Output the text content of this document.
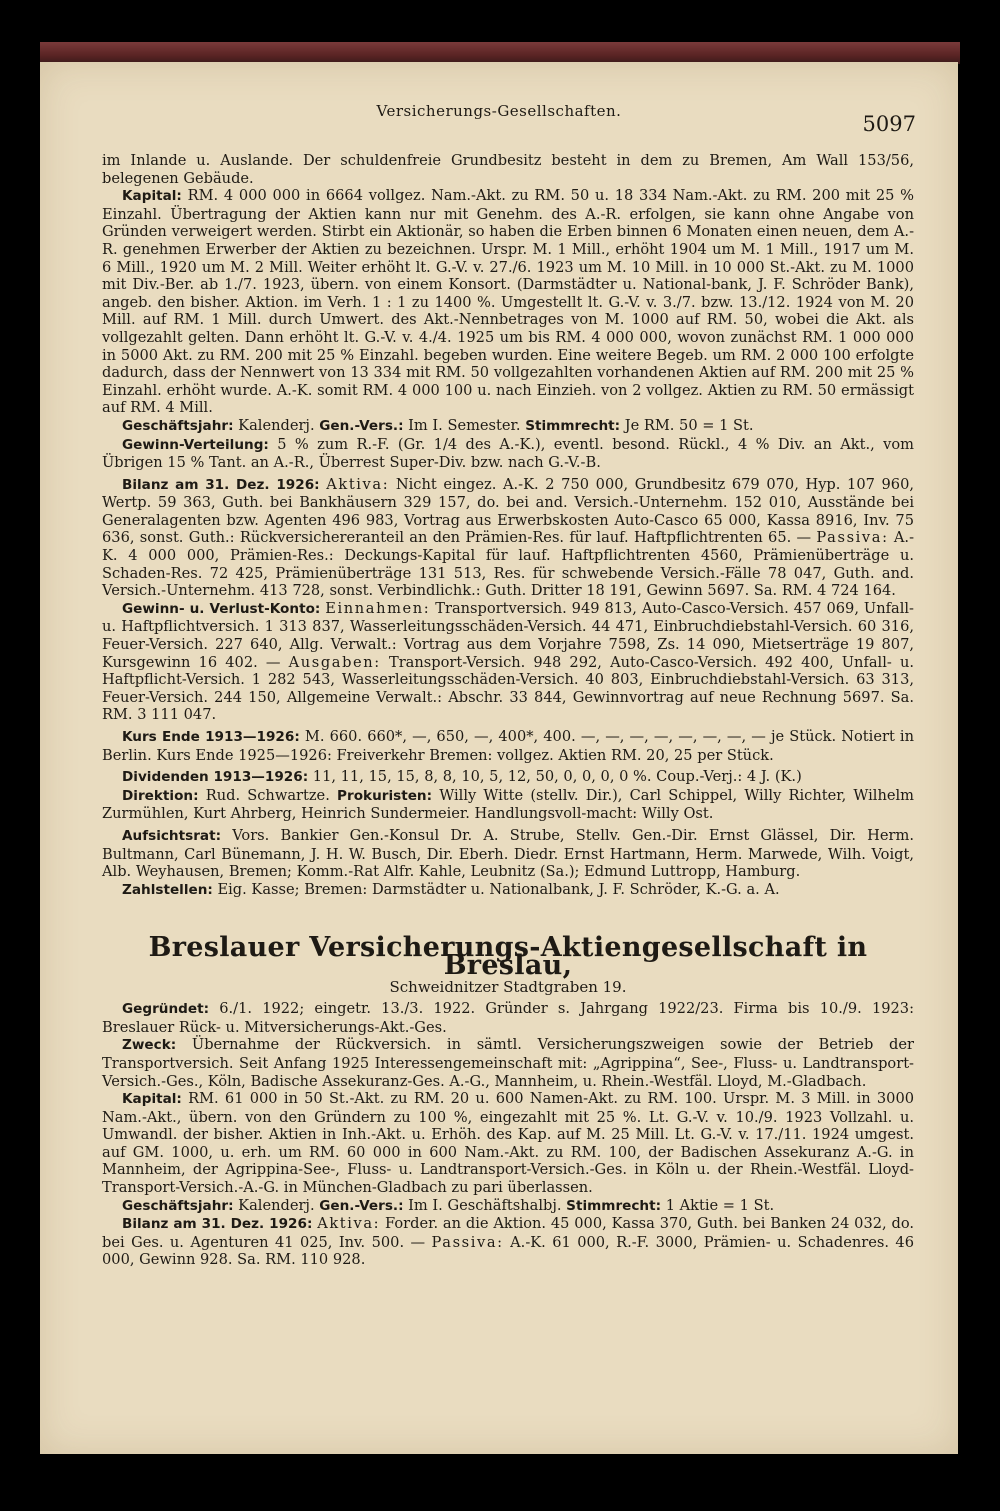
Versicherungs-Gesellschaften.
5097

im Inlande u. Auslande. Der schuldenfreie Grundbesitz besteht in dem zu Bremen, Am Wall 153/56, belegenen Gebäude.

Kapital: RM. 4 000 000 in 6664 vollgez. Nam.-Akt. zu RM. 50 u. 18 334 Nam.-Akt. zu RM. 200 mit 25 % Einzahl. Übertragung der Aktien kann nur mit Genehm. des A.-R. erfolgen, sie kann ohne Angabe von Gründen verweigert werden. Stirbt ein Aktionär, so haben die Erben binnen 6 Monaten einen neuen, dem A.-R. genehmen Erwerber der Aktien zu bezeichnen. Urspr. M. 1 Mill., erhöht 1904 um M. 1 Mill., 1917 um M. 6 Mill., 1920 um M. 2 Mill. Weiter erhöht lt. G.-V. v. 27./6. 1923 um M. 10 Mill. in 10 000 St.-Akt. zu M. 1000 mit Div.-Ber. ab 1./7. 1923, übern. von einem Konsort. (Darmstädter u. National-bank, J. F. Schröder Bank), angeb. den bisher. Aktion. im Verh. 1 : 1 zu 1400 %. Umgestellt lt. G.-V. v. 3./7. bzw. 13./12. 1924 von M. 20 Mill. auf RM. 1 Mill. durch Umwert. des Akt.-Nennbetrages von M. 1000 auf RM. 50, wobei die Akt. als vollgezahlt gelten. Dann erhöht lt. G.-V. v. 4./4. 1925 um bis RM. 4 000 000, wovon zunächst RM. 1 000 000 in 5000 Akt. zu RM. 200 mit 25 % Einzahl. begeben wurden. Eine weitere Begeb. um RM. 2 000 100 erfolgte dadurch, dass der Nennwert von 13 334 mit RM. 50 vollgezahlten vorhandenen Aktien auf RM. 200 mit 25 % Einzahl. erhöht wurde. A.-K. somit RM. 4 000 100 u. nach Einzieh. von 2 vollgez. Aktien zu RM. 50 ermässigt auf RM. 4 Mill.

Geschäftsjahr: Kalenderj. Gen.-Vers.: Im I. Semester. Stimmrecht: Je RM. 50 = 1 St.

Gewinn-Verteilung: 5 % zum R.-F. (Gr. 1/4 des A.-K.), eventl. besond. Rückl., 4 % Div. an Akt., vom Übrigen 15 % Tant. an A.-R., Überrest Super-Div. bzw. nach G.-V.-B.

Bilanz am 31. Dez. 1926: Aktiva: Nicht eingez. A.-K. 2 750 000, Grundbesitz 679 070, Hyp. 107 960, Wertp. 59 363, Guth. bei Bankhäusern 329 157, do. bei and. Versich.-Unternehm. 152 010, Ausstände bei Generalagenten bzw. Agenten 496 983, Vortrag aus Erwerbskosten Auto-Casco 65 000, Kassa 8916, Inv. 75 636, sonst. Guth.: Rückversichereranteil an den Prämien-Res. für lauf. Haftpflichtrenten 65. — Passiva: A.-K. 4 000 000, Prämien-Res.: Deckungs-Kapital für lauf. Haftpflichtrenten 4560, Prämienüberträge u. Schaden-Res. 72 425, Prämienüberträge 131 513, Res. für schwebende Versich.-Fälle 78 047, Guth. and. Versich.-Unternehm. 413 728, sonst. Verbindlichk.: Guth. Dritter 18 191, Gewinn 5697. Sa. RM. 4 724 164.

Gewinn- u. Verlust-Konto: Einnahmen: Transportversich. 949 813, Auto-Casco-Versich. 457 069, Unfall- u. Haftpflichtversich. 1 313 837, Wasserleitungsschäden-Versich. 44 471, Einbruchdiebstahl-Versich. 60 316, Feuer-Versich. 227 640, Allg. Verwalt.: Vortrag aus dem Vorjahre 7598, Zs. 14 090, Mietserträge 19 807, Kursgewinn 16 402. — Ausgaben: Transport-Versich. 948 292, Auto-Casco-Versich. 492 400, Unfall- u. Haftpflicht-Versich. 1 282 543, Wasserleitungsschäden-Versich. 40 803, Einbruchdiebstahl-Versich. 63 313, Feuer-Versich. 244 150, Allgemeine Verwalt.: Abschr. 33 844, Gewinnvortrag auf neue Rechnung 5697. Sa. RM. 3 111 047.

Kurs Ende 1913—1926: M. 660. 660*, —, 650, —, 400*, 400. —, —, —, —, —, —, —, — je Stück. Notiert in Berlin. Kurs Ende 1925—1926: Freiverkehr Bremen: vollgez. Aktien RM. 20, 25 per Stück.

Dividenden 1913—1926: 11, 11, 15, 15, 8, 8, 10, 5, 12, 50, 0, 0, 0, 0 %. Coup.-Verj.: 4 J. (K.)

Direktion: Rud. Schwartze. Prokuristen: Willy Witte (stellv. Dir.), Carl Schippel, Willy Richter, Wilhelm Zurmühlen, Kurt Ahrberg, Heinrich Sundermeier. Handlungsvoll-macht: Willy Ost.

Aufsichtsrat: Vors. Bankier Gen.-Konsul Dr. A. Strube, Stellv. Gen.-Dir. Ernst Glässel, Dir. Herm. Bultmann, Carl Bünemann, J. H. W. Busch, Dir. Eberh. Diedr. Ernst Hartmann, Herm. Marwede, Wilh. Voigt, Alb. Weyhausen, Bremen; Komm.-Rat Alfr. Kahle, Leubnitz (Sa.); Edmund Luttropp, Hamburg.

Zahlstellen: Eig. Kasse; Bremen: Darmstädter u. Nationalbank, J. F. Schröder, K.-G. a. A.

Breslauer Versicherungs-Aktiengesellschaft in Breslau,
Schweidnitzer Stadtgraben 19.

Gegründet: 6./1. 1922; eingetr. 13./3. 1922. Gründer s. Jahrgang 1922/23. Firma bis 10./9. 1923: Breslauer Rück- u. Mitversicherungs-Akt.-Ges.

Zweck: Übernahme der Rückversich. in sämtl. Versicherungszweigen sowie der Betrieb der Transportversich. Seit Anfang 1925 Interessengemeinschaft mit: „Agrippina“, See-, Fluss- u. Landtransport-Versich.-Ges., Köln, Badische Assekuranz-Ges. A.-G., Mannheim, u. Rhein.-Westfäl. Lloyd, M.-Gladbach.

Kapital: RM. 61 000 in 50 St.-Akt. zu RM. 20 u. 600 Namen-Akt. zu RM. 100. Urspr. M. 3 Mill. in 3000 Nam.-Akt., übern. von den Gründern zu 100 %, eingezahlt mit 25 %. Lt. G.-V. v. 10./9. 1923 Vollzahl. u. Umwandl. der bisher. Aktien in Inh.-Akt. u. Erhöh. des Kap. auf M. 25 Mill. Lt. G.-V. v. 17./11. 1924 umgest. auf GM. 1000, u. erh. um RM. 60 000 in 600 Nam.-Akt. zu RM. 100, der Badischen Assekuranz A.-G. in Mannheim, der Agrippina-See-, Fluss- u. Landtransport-Versich.-Ges. in Köln u. der Rhein.-Westfäl. Lloyd-Transport-Versich.-A.-G. in München-Gladbach zu pari überlassen.

Geschäftsjahr: Kalenderj. Gen.-Vers.: Im I. Geschäftshalbj. Stimmrecht: 1 Aktie = 1 St.

Bilanz am 31. Dez. 1926: Aktiva: Forder. an die Aktion. 45 000, Kassa 370, Guth. bei Banken 24 032, do. bei Ges. u. Agenturen 41 025, Inv. 500. — Passiva: A.-K. 61 000, R.-F. 3000, Prämien- u. Schadenres. 46 000, Gewinn 928. Sa. RM. 110 928.
